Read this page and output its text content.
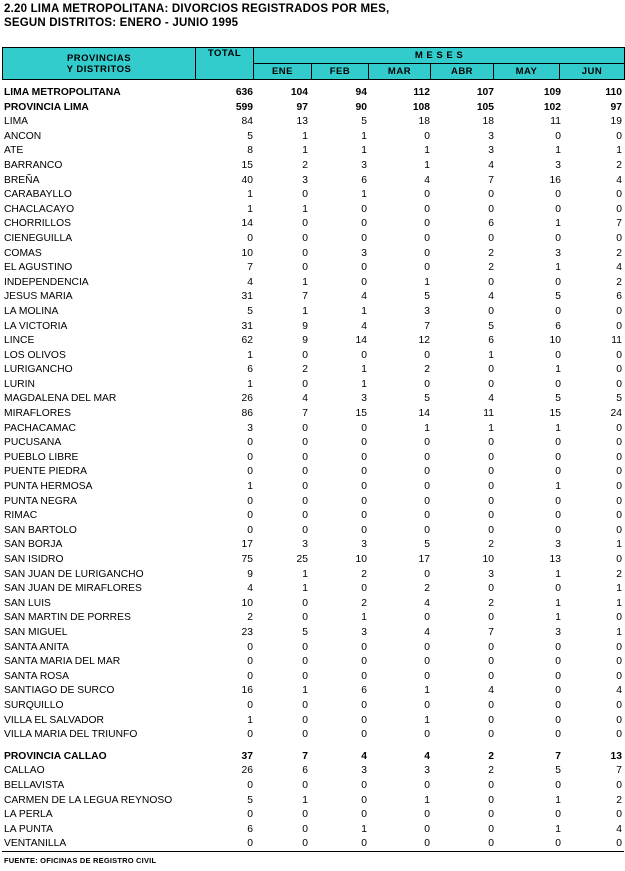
2.20 LIMA METROPOLITANA: DIVORCIOS REGISTRADOS POR MES,
SEGUN DISTRITOS: ENERO - JUNIO 1995
PROVINCIAS
Y DISTRITOS	TOTAL	M E S E S					
		ENE	FEB	MAR	ABR	MAY	JUN
LIMA METROPOLITANA	636	104	94	112	107	109	110
PROVINCIA LIMA	599	97	90	108	105	102	97
LIMA	84	13	5	18	18	11	19
ANCON	5	1	1	0	3	0	0
ATE	8	1	1	1	3	1	1
BARRANCO	15	2	3	1	4	3	2
BREÑA	40	3	6	4	7	16	4
CARABAYLLO	1	0	1	0	0	0	0
CHACLACAYO	1	1	0	0	0	0	0
CHORRILLOS	14	0	0	0	6	1	7
CIENEGUILLA	0	0	0	0	0	0	0
COMAS	10	0	3	0	2	3	2
EL AGUSTINO	7	0	0	0	2	1	4
INDEPENDENCIA	4	1	0	1	0	0	2
JESUS MARIA	31	7	4	5	4	5	6
LA MOLINA	5	1	1	3	0	0	0
LA VICTORIA	31	9	4	7	5	6	0
LINCE	62	9	14	12	6	10	11
LOS OLIVOS	1	0	0	0	1	0	0
LURIGANCHO	6	2	1	2	0	1	0
LURIN	1	0	1	0	0	0	0
MAGDALENA DEL MAR	26	4	3	5	4	5	5
MIRAFLORES	86	7	15	14	11	15	24
PACHACAMAC	3	0	0	1	1	1	0
PUCUSANA	0	0	0	0	0	0	0
PUEBLO LIBRE	0	0	0	0	0	0	0
PUENTE PIEDRA	0	0	0	0	0	0	0
PUNTA HERMOSA	1	0	0	0	0	1	0
PUNTA NEGRA	0	0	0	0	0	0	0
RIMAC	0	0	0	0	0	0	0
SAN BARTOLO	0	0	0	0	0	0	0
SAN BORJA	17	3	3	5	2	3	1
SAN ISIDRO	75	25	10	17	10	13	0
SAN JUAN DE LURIGANCHO	9	1	2	0	3	1	2
SAN JUAN DE MIRAFLORES	4	1	0	2	0	0	1
SAN LUIS	10	0	2	4	2	1	1
SAN MARTIN DE PORRES	2	0	1	0	0	1	0
SAN MIGUEL	23	5	3	4	7	3	1
SANTA ANITA	0	0	0	0	0	0	0
SANTA MARIA DEL MAR	0	0	0	0	0	0	0
SANTA ROSA	0	0	0	0	0	0	0
SANTIAGO DE SURCO	16	1	6	1	4	0	4
SURQUILLO	0	0	0	0	0	0	0
VILLA EL SALVADOR	1	0	0	1	0	0	0
VILLA MARIA DEL TRIUNFO	0	0	0	0	0	0	0
PROVINCIA CALLAO	37	7	4	4	2	7	13
CALLAO	26	6	3	3	2	5	7
BELLAVISTA	0	0	0	0	0	0	0
CARMEN DE LA LEGUA REYNOSO	5	1	0	1	0	1	2
LA PERLA	0	0	0	0	0	0	0
LA PUNTA	6	0	1	0	0	1	4
VENTANILLA	0	0	0	0	0	0	0
FUENTE: OFICINAS DE REGISTRO CIVIL
